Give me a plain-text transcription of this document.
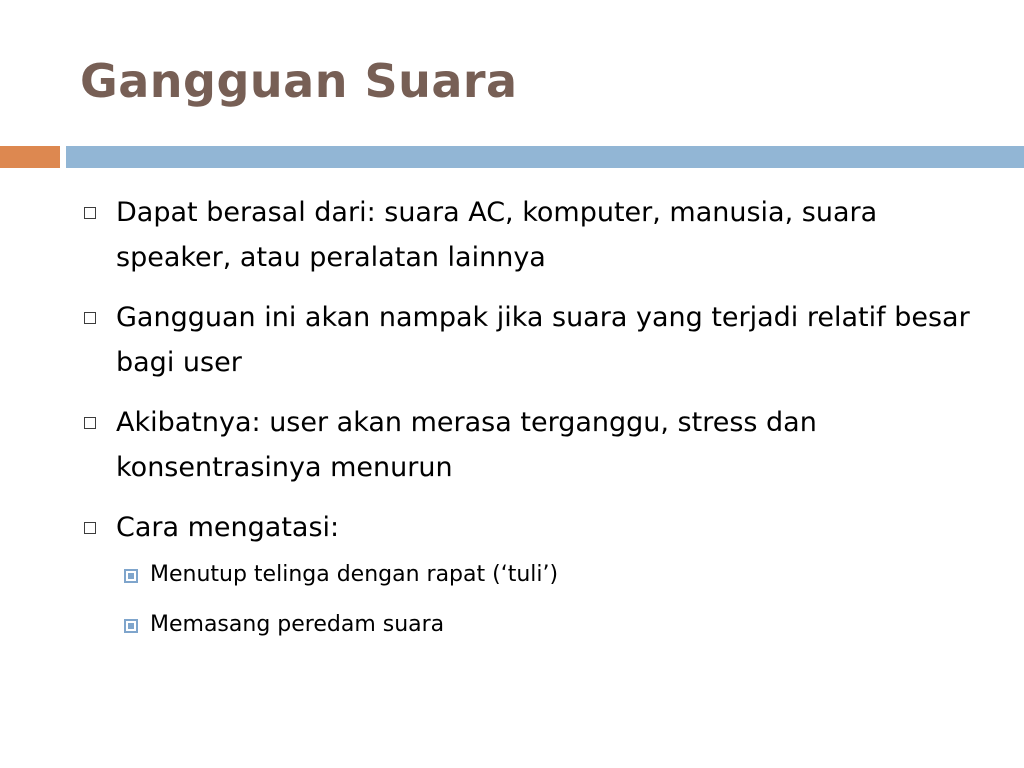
Gangguan Suara
Dapat berasal dari: suara AC, komputer, manusia, suara speaker, atau peralatan lainnya
Gangguan ini akan nampak jika suara yang terjadi relatif besar bagi user
Akibatnya: user akan merasa terganggu, stress dan konsentrasinya menurun
Cara mengatasi:
Menutup telinga dengan rapat (‘tuli’)
Memasang peredam suara
